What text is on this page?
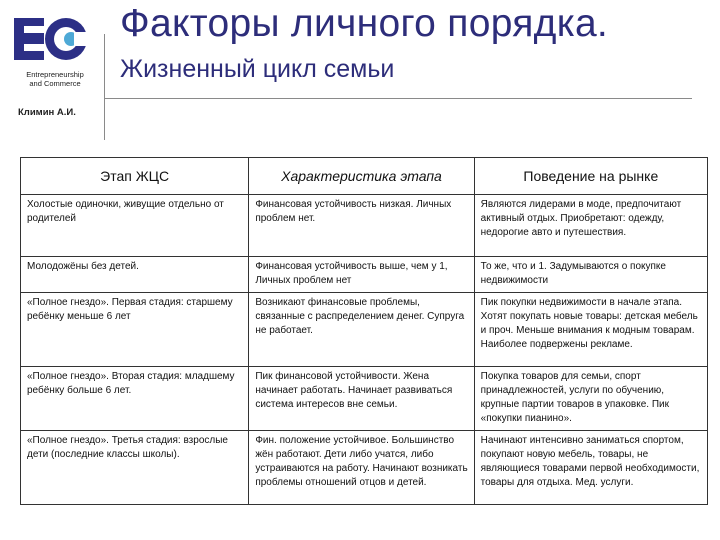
Entrepreneurship
and Commerce
Климин А.И.
Факторы личного порядка.
Жизненный цикл семьи
Этап ЖЦС	Характеристика этапа	Поведение на рынке
Холостые одиночки, живущие отдельно от родителей	Финансовая устойчивость низкая. Личных проблем нет.	Являются лидерами в моде, предпочитают активный отдых. Приобретают: одежду, недорогие авто и путешествия.
Молодожёны без детей.	Финансовая устойчивость выше, чем у 1, Личных проблем нет	То же, что и 1. Задумываются о покупке недвижимости
«Полное гнездо». Первая стадия: старшему ребёнку меньше 6 лет	Возникают финансовые проблемы, связанные с распределением денег. Супруга не работает.	Пик покупки недвижимости в начале этапа. Хотят покупать новые товары: детская мебель и проч. Меньше внимания к модным товарам. Наиболее подвержены рекламе.
«Полное гнездо». Вторая стадия: младшему ребёнку больше 6 лет.	Пик финансовой устойчивости. Жена начинает работать. Начинает развиваться система интересов вне семьи.	Покупка товаров для семьи, спорт принадлежностей, услуги по обучению, крупные партии товаров в упаковке. Пик «покупки пианино».
«Полное гнездо». Третья стадия: взрослые дети (последние классы школы).	Фин. положение устойчивое. Большинство жён работают. Дети либо учатся, либо устраиваются на работу. Начинают возникать проблемы отношений отцов и детей.	Начинают интенсивно заниматься спортом, покупают новую мебель, товары, не являющиеся товарами первой необходимости, товары для отдыха. Мед. услуги.
